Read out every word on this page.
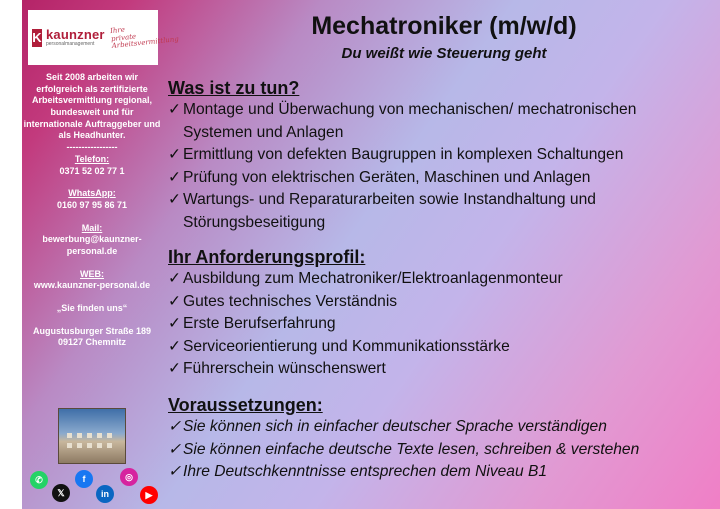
K kaunzner
personalmanagement
Ihre private Arbeitsvermittlung

Seit 2008 arbeiten wir erfolgreich als zertifizierte Arbeitsvermittlung regional, bundesweit und für internationale Auftraggeber und als Headhunter.

-----------------

Telefon:

0371 52 02 77 1

WhatsApp:

0160 97 95 86 71

Mail:

bewerbung@kaunzner-personal.de

WEB:

www.kaunzner-personal.de

„Sie finden uns“

Augustusburger Straße 189

09127 Chemnitz

✆	f	◎
𝕏	in	▶
Mechatroniker (m/w/d)
Du weißt wie Steuerung geht
Was ist zu tun?
✓ Montage und Überwachung von mechanischen/ mechatronischen Systemen und Anlagen
✓ Ermittlung von defekten Baugruppen in komplexen Schaltungen
✓ Prüfung von elektrischen Geräten, Maschinen und Anlagen
✓ Wartungs- und Reparaturarbeiten sowie Instandhaltung und Störungsbeseitigung
Ihr Anforderungsprofil:
✓ Ausbildung zum Mechatroniker/Elektroanlagenmonteur
✓ Gutes technisches Verständnis
✓ Erste Berufserfahrung
✓ Serviceorientierung und Kommunikationsstärke
✓ Führerschein wünschenswert
Voraussetzungen:
✓ Sie können sich in einfacher deutscher Sprache verständigen
✓ Sie können einfache deutsche Texte lesen, schreiben & verstehen
✓ Ihre Deutschkenntnisse entsprechen dem Niveau B1
